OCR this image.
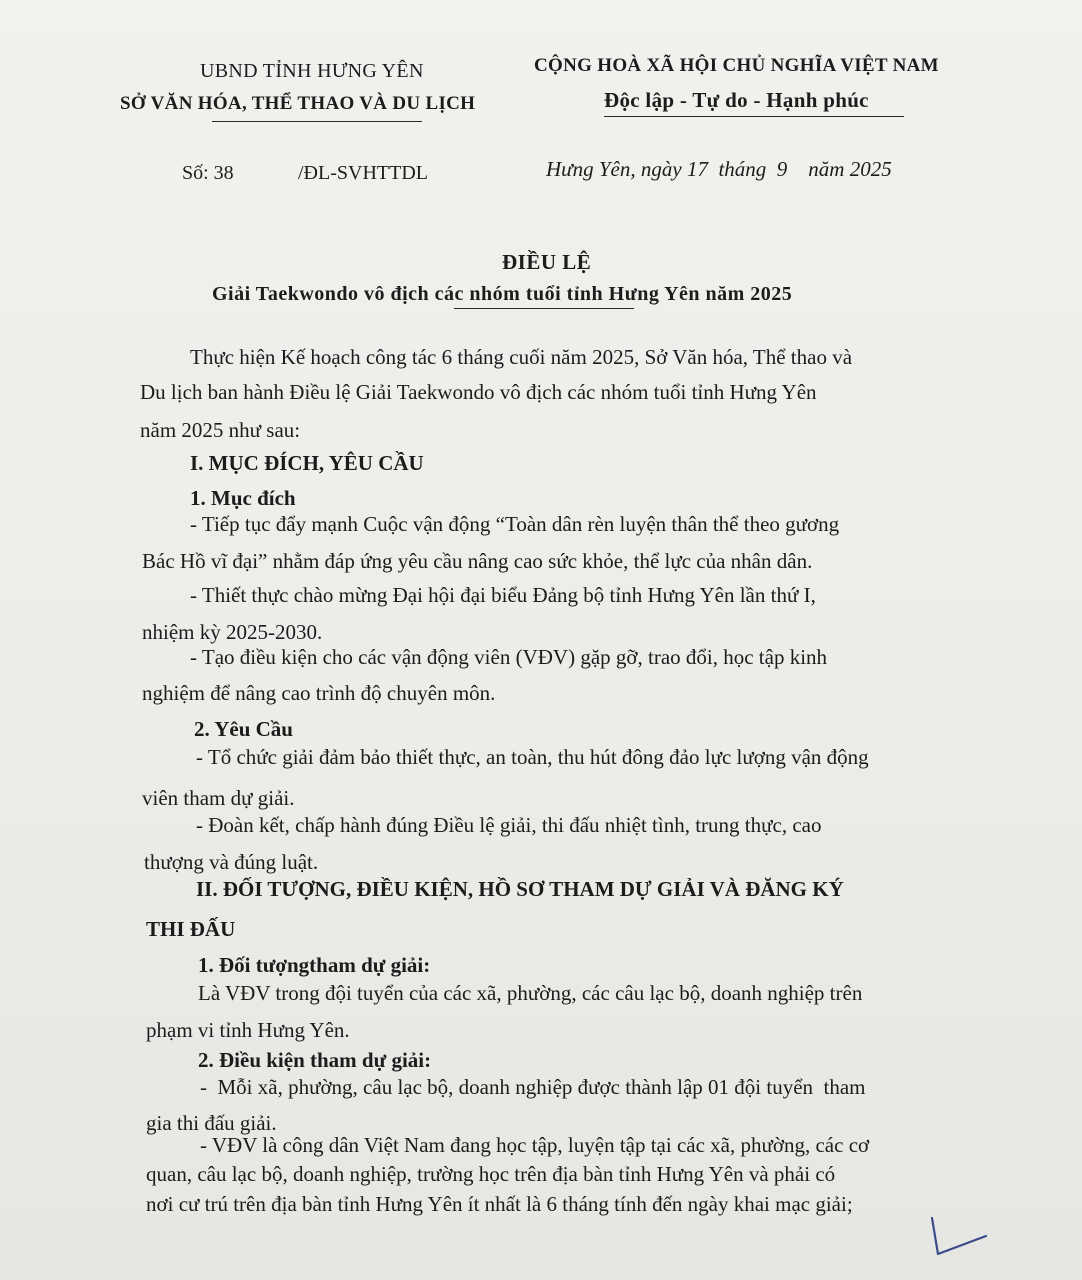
UBND TỈNH HƯNG YÊN
SỞ VĂN HÓA, THỂ THAO VÀ DU LỊCH
CỘNG HOÀ XÃ HỘI CHỦ NGHĨA VIỆT NAM
Độc lập - Tự do - Hạnh phúc
Số: 38	/ĐL-SVHTTDL	Hưng Yên, ngày 17  tháng  9    năm 2025
ĐIỀU LỆ
Giải Taekwondo vô địch các nhóm tuổi tỉnh Hưng Yên năm 2025
Thực hiện Kế hoạch công tác 6 tháng cuối năm 2025, Sở Văn hóa, Thể thao và
Du lịch ban hành Điều lệ Giải Taekwondo vô địch các nhóm tuổi tỉnh Hưng Yên
năm 2025 như sau:
I. MỤC ĐÍCH, YÊU CẦU
1. Mục đích
- Tiếp tục đẩy mạnh Cuộc vận động “Toàn dân rèn luyện thân thể theo gương
Bác Hồ vĩ đại” nhằm đáp ứng yêu cầu nâng cao sức khỏe, thể lực của nhân dân.
- Thiết thực chào mừng Đại hội đại biểu Đảng bộ tỉnh Hưng Yên lần thứ I,
nhiệm kỳ 2025-2030.
- Tạo điều kiện cho các vận động viên (VĐV) gặp gỡ, trao đổi, học tập kinh
nghiệm để nâng cao trình độ chuyên môn.
2. Yêu Cầu
- Tổ chức giải đảm bảo thiết thực, an toàn, thu hút đông đảo lực lượng vận động
viên tham dự giải.
- Đoàn kết, chấp hành đúng Điều lệ giải, thi đấu nhiệt tình, trung thực, cao
thượng và đúng luật.
II. ĐỐI TƯỢNG, ĐIỀU KIỆN, HỒ SƠ THAM DỰ GIẢI VÀ ĐĂNG KÝ
THI ĐẤU
1. Đối tượngtham dự giải:
Là VĐV trong đội tuyển của các xã, phường, các câu lạc bộ, doanh nghiệp trên
phạm vi tỉnh Hưng Yên.
2. Điều kiện tham dự giải:
-  Mỗi xã, phường, câu lạc bộ, doanh nghiệp được thành lập 01 đội tuyển  tham
gia thi đấu giải.
- VĐV là công dân Việt Nam đang học tập, luyện tập tại các xã, phường, các cơ
quan, câu lạc bộ, doanh nghiệp, trường học trên địa bàn tỉnh Hưng Yên và phải có
nơi cư trú trên địa bàn tỉnh Hưng Yên ít nhất là 6 tháng tính đến ngày khai mạc giải;
